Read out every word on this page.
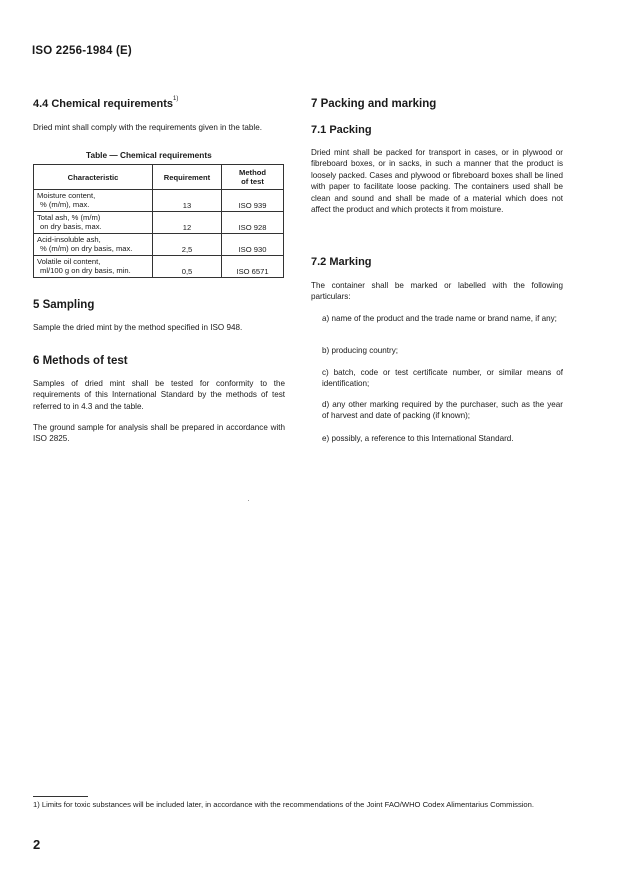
ISO 2256-1984 (E)
4.4 Chemical requirements$^{1)}$
Dried mint shall comply with the requirements given in the table.
Table — Chemical requirements
Characteristic	Requirement	Method
of test

Moisture content,
% (m/m), max.	13	ISO 939

Total ash, % (m/m)
on dry basis, max.	12	ISO 928

Acid-insoluble ash,
% (m/m) on dry basis, max.	2,5	ISO 930

Volatile oil content,
ml/100 g on dry basis, min.	0,5	ISO 6571
5 Sampling
Sample the dried mint by the method specified in ISO 948.
6 Methods of test
Samples of dried mint shall be tested for conformity to the requirements of this International Standard by the methods of test referred to in 4.3 and the table.
The ground sample for analysis shall be prepared in accordance with ISO 2825.
7 Packing and marking
7.1 Packing
Dried mint shall be packed for transport in cases, or in plywood or fibreboard boxes, or in sacks, in such a manner that the product is loosely packed. Cases and plywood or fibreboard boxes shall be lined with paper to facilitate loose packing. The containers used shall be clean and sound and shall be made of a material which does not affect the product and which protects it from moisture.
7.2 Marking
The container shall be marked or labelled with the following particulars:
a) name of the product and the trade name or brand name, if any;
b) producing country;
c) batch, code or test certificate number, or similar means of identification;
d) any other marking required by the purchaser, such as the year of harvest and date of packing (if known);
e) possibly, a reference to this International Standard.
1) Limits for toxic substances will be included later, in accordance with the recommendations of the Joint FAO/WHO Codex Alimentarius Commission.
2
